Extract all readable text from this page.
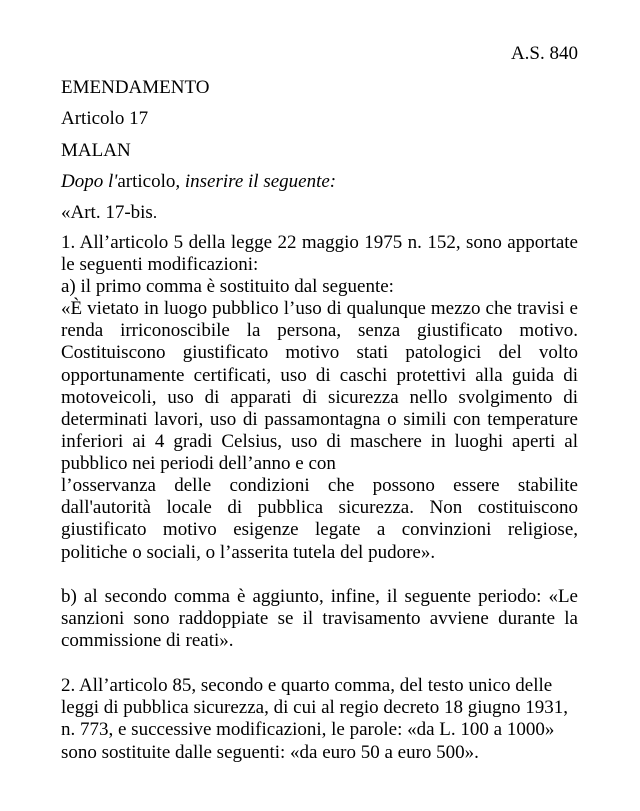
A.S. 840
EMENDAMENTO
Articolo 17
MALAN
Dopo l'articolo, inserire il seguente:
«Art. 17-bis.
1. All’articolo 5 della legge 22 maggio 1975 n. 152, sono apportate le seguenti modificazioni:
a) il primo comma è sostituito dal seguente:
«È vietato in luogo pubblico l’uso di qualunque mezzo che travisi e renda irriconoscibile la persona, senza giustificato motivo. Costituiscono giustificato motivo stati patologici del volto opportunamente certificati, uso di caschi protettivi alla guida di motoveicoli, uso di apparati di sicurezza nello svolgimento di determinati lavori, uso di passamontagna o simili con temperature inferiori ai 4 gradi Celsius, uso di maschere in luoghi aperti al pubblico nei periodi dell’anno e con
l’osservanza delle condizioni che possono essere stabilite dall'autorità locale di pubblica sicurezza. Non costituiscono giustificato motivo esigenze legate a convinzioni religiose, politiche o sociali, o l’asserita tutela del pudore».
b) al secondo comma è aggiunto, infine, il seguente periodo: «Le sanzioni sono raddoppiate se il travisamento avviene durante la commissione di reati».
2. All’articolo 85, secondo e quarto comma, del testo unico delle leggi di pubblica sicurezza, di cui al regio decreto 18 giugno 1931, n. 773, e successive modificazioni, le parole: «da L. 100 a 1000» sono sostituite dalle seguenti: «da euro 50 a euro 500».
